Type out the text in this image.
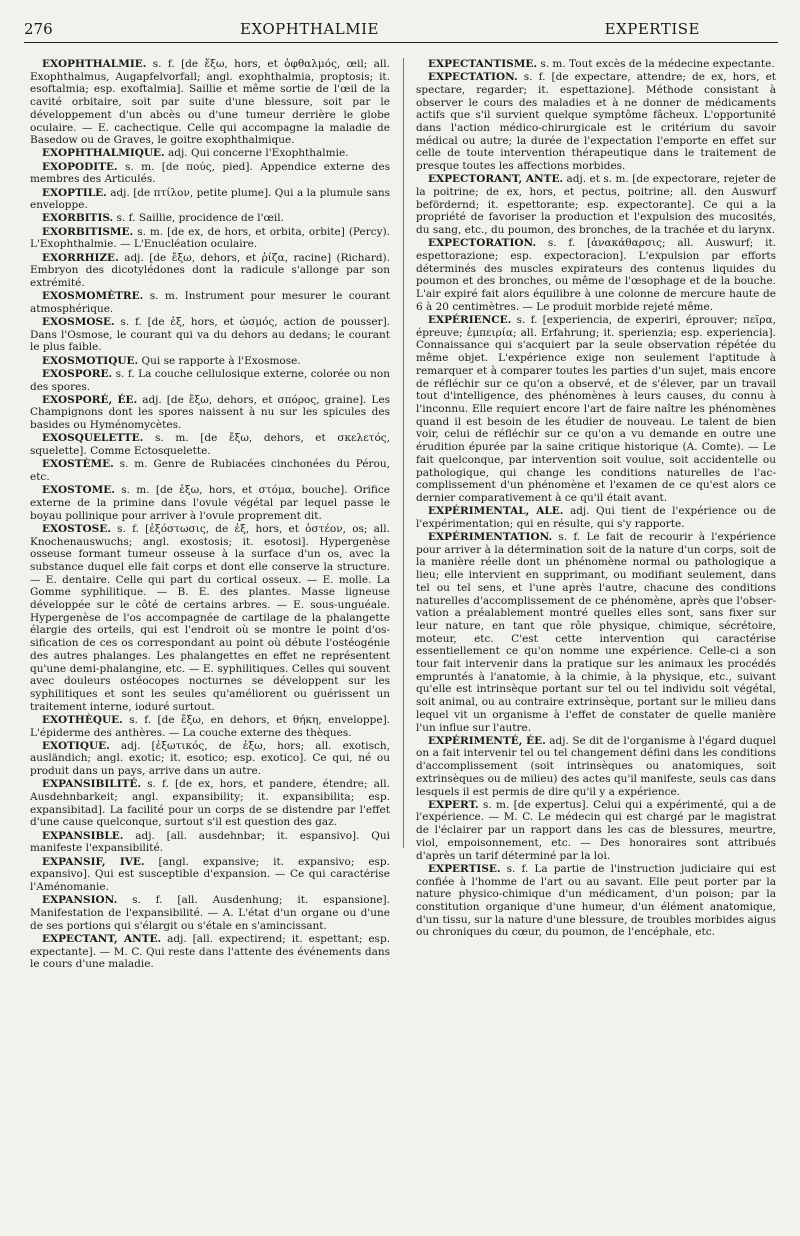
276	EXOPHTHALMIE	EXPERTISE

EXOPHTHALMIE. s. f. [de ἔξω, hors, et ὀφθαλμός, œil; all. Exophthalmus, Augapfelvorfall; angl. exophthalmia, proptosis; it. esoftalmia; esp. exoftalmia]. Saillie et même sortie de l'œil de la cavité orbitaire, soit par suite d'une blessure, soit par le développement d'un abcès ou d'une tumeur derrière le globe oculaire. — E. cachectique. Celle qui accompagne la maladie de Basedow ou de Graves, le goitre exophthalmique.

EXOPHTHALMIQUE. adj. Qui concerne l'Exophthalmie.

EXOPODITE. s. m. [de πούς, pied]. Appendice externe des membres des Articulés.

EXOPTILE. adj. [de πτίλον, petite plume]. Qui a la plumule sans enveloppe.

EXORBITIS. s. f. Saillie, procidence de l'œil.

EXORBITISME. s. m. [de ex, de hors, et orbita, orbite] (Percy). L'Exophthalmie. — L'Enucléation oculaire.

EXORRHIZE. adj. [de ἔξω, dehors, et ῥίζα, racine] (Richard). Embryon des dicotylédones dont la radicule s'allonge par son extrémité.

EXOSMOMÈTRE. s. m. Instrument pour mesurer le courant atmosphérique.

EXOSMOSE. s. f. [de ἐξ, hors, et ὠσμός, action de pousser]. Dans l'Osmose, le courant qui va du dehors au dedans; le courant le plus faible.

EXOSMOTIQUE. Qui se rapporte à l'Exosmose.

EXOSPORE. s. f. La couche cellulosique externe, colorée ou non des spores.

EXOSPORÉ, ÉE. adj. [de ἔξω, dehors, et σπόρος, graine]. Les Champignons dont les spores naissent à nu sur les spicules des basides ou Hyménomycètes.

EXOSQUELETTE. s. m. [de ἔξω, dehors, et σκελετός, squelette]. Comme Ectosquelette.

EXOSTÈME. s. m. Genre de Rubiacées cinchonées du Pérou, etc.

EXOSTOME. s. m. [de ἐξω, hors, et στόμα, bouche]. Orifice externe de la primine dans l'ovule végétal par lequel passe le boyau pollinique pour arriver à l'ovule proprement dit.

EXOSTOSE. s. f. [ἐξόστωσις, de ἐξ, hors, et ὀστέον, os; all. Knochenauswuchs; angl. exostosis; it. esotosi]. Hypergenèse osseuse formant tumeur osseuse à la surface d'un os, avec la substance duquel elle fait corps et dont elle conserve la structure. — E. dentaire. Celle qui part du cortical osseux. — E. molle. La Gomme syphilitique. — B. E. des plantes. Masse ligneuse développée sur le côté de certains arbres. — E. sous-unguéale. Hypergenèse de l'os accompagnée de cartilage de la phalangette élargie des orteils, qui est l'endroit où se montre le point d'ossification de ces os correspondant au point où débute l'ostéogénie des autres phalanges. Les phalangettes en effet ne représentent qu'une demi-phalangine, etc. — E. syphilitiques. Celles qui souvent avec douleurs ostéocopes nocturnes se développent sur les syphilitiques et sont les seules qu'améliorent ou guérissent un traitement interne, ioduré surtout.

EXOTHÈQUE. s. f. [de ἔξω, en dehors, et θήκη, enveloppe]. L'épiderme des anthères. — La couche externe des thèques.

EXOTIQUE. adj. [ἐξωτικός, de ἐξω, hors; all. exotisch, ausländich; angl. exotic; it. esotico; esp. exotico]. Ce qui, né ou produit dans un pays, arrive dans un autre.

EXPANSIBILITÉ. s. f. [de ex, hors, et pandere, étendre; all. Ausdehnbarkeit; angl. expansibility; it. expansibilita; esp. expansibitad]. La facilité pour un corps de se distendre par l'effet d'une cause quelconque, surtout s'il est question des gaz.

EXPANSIBLE. adj. [all. ausdehnbar; it. espansivo]. Qui manifeste l'expansibilité.

EXPANSIF, IVE. [angl. expansive; it. expansivo; esp. expansivo]. Qui est susceptible d'expansion. — Ce qui caractérise l'Aménomanie.

EXPANSION. s. f. [all. Ausdenhung; it. espansione]. Manifestation de l'expansibilité. — A. L'état d'un organe ou d'une de ses portions qui s'élargit ou s'étale en s'amincissant.

EXPECTANT, ANTE. adj. [all. expectirend; it. espettant; esp. expectante]. — M. C. Qui reste dans l'attente des événements dans le cours d'une maladie.

EXPECTANTISME. s. m. Tout excès de la médecine expectante.

EXPECTATION. s. f. [de expectare, attendre; de ex, hors, et spectare, regarder; it. espettazione]. Méthode consistant à observer le cours des maladies et à ne donner de médicaments actifs que s'il survient quelque symptôme fâcheux. L'opportunité dans l'action médico-chirurgicale est le critérium du savoir médical ou autre; la durée de l'expectation l'emporte en effet sur celle de toute intervention thérapeutique dans le traitement de presque toutes les affections morbides.

EXPECTORANT, ANTE. adj. et s. m. [de expectorare, rejeter de la poitrine; de ex, hors, et pectus, poitrine; all. den Auswurf befördernd; it. espettorante; esp. expectorante]. Ce qui a la propriété de favoriser la production et l'expulsion des mucosités, du sang, etc., du poumon, des bronches, de la trachée et du larynx.

EXPECTORATION. s. f. [ἀνακάθαρσις; all. Auswurf; it. espettorazione; esp. expectoracion]. L'expulsion par efforts déterminés des muscles expirateurs des contenus liquides du poumon et des bronches, ou même de l'œsophage et de la bouche. L'air expiré fait alors équilibre à une colonne de mercure haute de 6 à 20 centimètres. — Le produit morbide rejeté même.

EXPÉRIENCE. s. f. [experiencia, de experiri, éprouver; πεῖρα, épreuve; ἐμπειρία; all. Erfahrung; it. sperienzia; esp. experiencia]. Connaissance qui s'acquiert par la seule observation répétée du même objet. L'expérience exige non seulement l'aptitude à remarquer et à comparer toutes les parties d'un sujet, mais encore de réfléchir sur ce qu'on a observé, et de s'élever, par un travail tout d'intelligence, des phénomènes à leurs causes, du connu à l'inconnu. Elle requiert encore l'art de faire naître les phénomènes quand il est besoin de les étudier de nouveau. Le talent de bien voir, celui de réfléchir sur ce qu'on a vu demande en outre une érudition épurée par la saine critique historique (A. Comte). — Le fait quelconque, par intervention soit voulue, soit accidentelle ou pathologique, qui change les conditions naturelles de l'accomplissement d'un phénomène et l'examen de ce qu'est alors ce dernier comparativement à ce qu'il était avant.

EXPÉRIMENTAL, ALE. adj. Qui tient de l'expérience ou de l'expérimentation; qui en résulte, qui s'y rapporte.

EXPÉRIMENTATION. s. f. Le fait de recourir à l'expérience pour arriver à la détermination soit de la nature d'un corps, soit de la manière réelle dont un phénomène normal ou pathologique a lieu; elle intervient en supprimant, ou modifiant seulement, dans tel ou tel sens, et l'une après l'autre, chacune des conditions naturelles d'accomplissement de ce phénomène, après que l'observation a préalablement montré quelles elles sont, sans fixer sur leur nature, en tant que rôle physique, chimique, sécrétoire, moteur, etc. C'est cette intervention qui caractérise essentiellement ce qu'on nomme une expérience. Celle-ci a son tour fait intervenir dans la pratique sur les animaux les procédés empruntés à l'anatomie, à la chimie, à la physique, etc., suivant qu'elle est intrinsèque portant sur tel ou tel individu soit végétal, soit animal, ou au contraire extrinsèque, portant sur le milieu dans lequel vit un organisme à l'effet de constater de quelle manière l'un influe sur l'autre.

EXPÉRIMENTÉ, ÉE. adj. Se dit de l'organisme à l'égard duquel on a fait intervenir tel ou tel changement défini dans les conditions d'accomplissement (soit intrinsèques ou anatomiques, soit extrinsèques ou de milieu) des actes qu'il manifeste, seuls cas dans lesquels il est permis de dire qu'il y a expérience.

EXPERT. s. m. [de expertus]. Celui qui a expérimenté, qui a de l'expérience. — M. C. Le médecin qui est chargé par le magistrat de l'éclairer par un rapport dans les cas de blessures, meurtre, viol, empoisonnement, etc. — Des honoraires sont attribués d'après un tarif déterminé par la loi.

EXPERTISE. s. f. La partie de l'instruction judiciaire qui est confiée à l'homme de l'art ou au savant. Elle peut porter par la nature physico-chimique d'un médicament, d'un poison; par la constitution organique d'une humeur, d'un élément anatomique, d'un tissu, sur la nature d'une blessure, de troubles morbides aigus ou chroniques du cœur, du poumon, de l'encéphale, etc.
